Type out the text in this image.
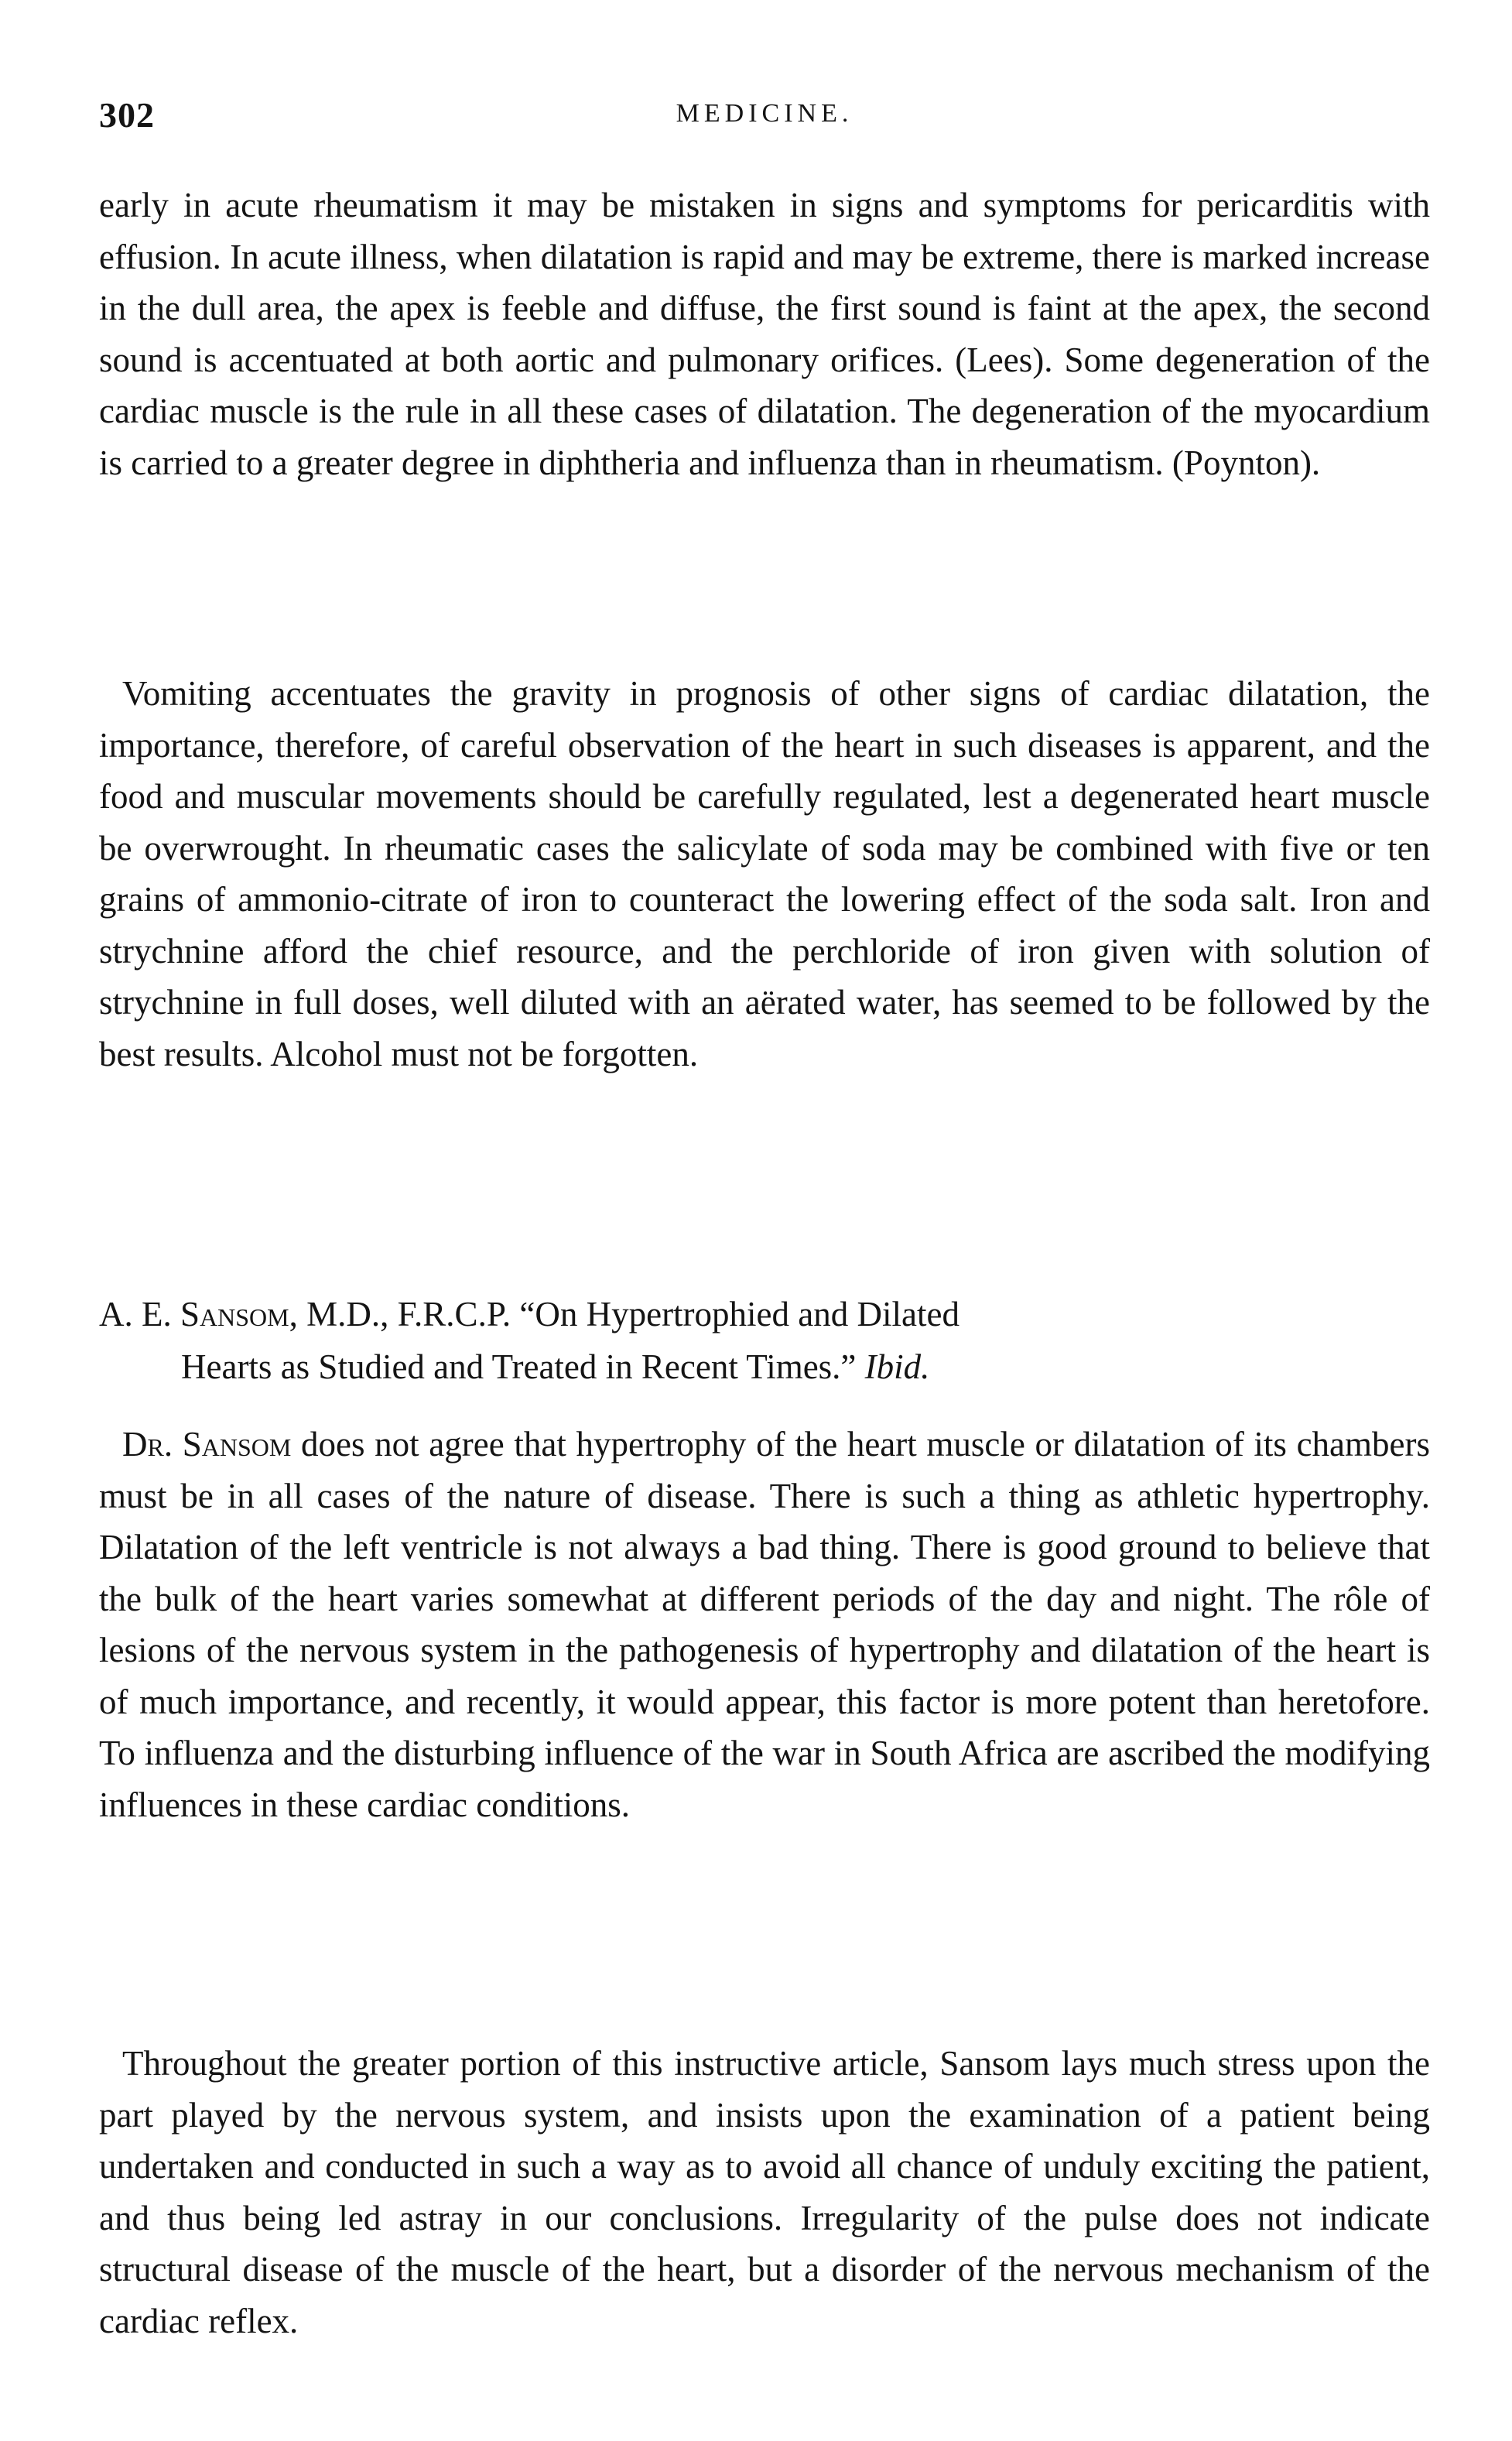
302	MEDICINE.

early in acute rheumatism it may be mistaken in signs and symptoms for pericarditis with effusion. In acute illness, when dilatation is rapid and may be extreme, there is marked increase in the dull area, the apex is feeble and diffuse, the first sound is faint at the apex, the second sound is accentuated at both aortic and pulmonary orifices. (Lees). Some degeneration of the cardiac muscle is the rule in all these cases of dilatation. The degeneration of the myocardium is carried to a greater degree in diphtheria and influenza than in rheumatism. (Poynton).

Vomiting accentuates the gravity in prognosis of other signs of cardiac dilatation, the importance, therefore, of careful observation of the heart in such diseases is apparent, and the food and muscular movements should be carefully regulated, lest a degenerated heart muscle be overwrought. In rheumatic cases the salicylate of soda may be combined with five or ten grains of ammonio-citrate of iron to counteract the lowering effect of the soda salt. Iron and strychnine afford the chief resource, and the perchloride of iron given with solution of strychnine in full doses, well diluted with an aërated water, has seemed to be followed by the best results. Alcohol must not be forgotten.

A. E. Sansom, M.D., F.R.C.P. “On Hypertrophied and Dilated
Hearts as Studied and Treated in Recent Times.” Ibid.

Dr. Sansom does not agree that hypertrophy of the heart muscle or dilatation of its chambers must be in all cases of the nature of disease. There is such a thing as athletic hypertrophy. Dilatation of the left ventricle is not always a bad thing. There is good ground to believe that the bulk of the heart varies somewhat at different periods of the day and night. The rôle of lesions of the nervous system in the pathogenesis of hypertrophy and dilatation of the heart is of much importance, and recently, it would appear, this factor is more potent than heretofore. To influenza and the disturbing influence of the war in South Africa are ascribed the modifying influences in these cardiac conditions.

Throughout the greater portion of this instructive article, Sansom lays much stress upon the part played by the nervous system, and insists upon the examination of a patient being undertaken and conducted in such a way as to avoid all chance of unduly exciting the patient, and thus being led astray in our conclusions. Irregularity of the pulse does not indicate structural disease of the muscle of the heart, but a disorder of the nervous mechanism of the cardiac reflex.
